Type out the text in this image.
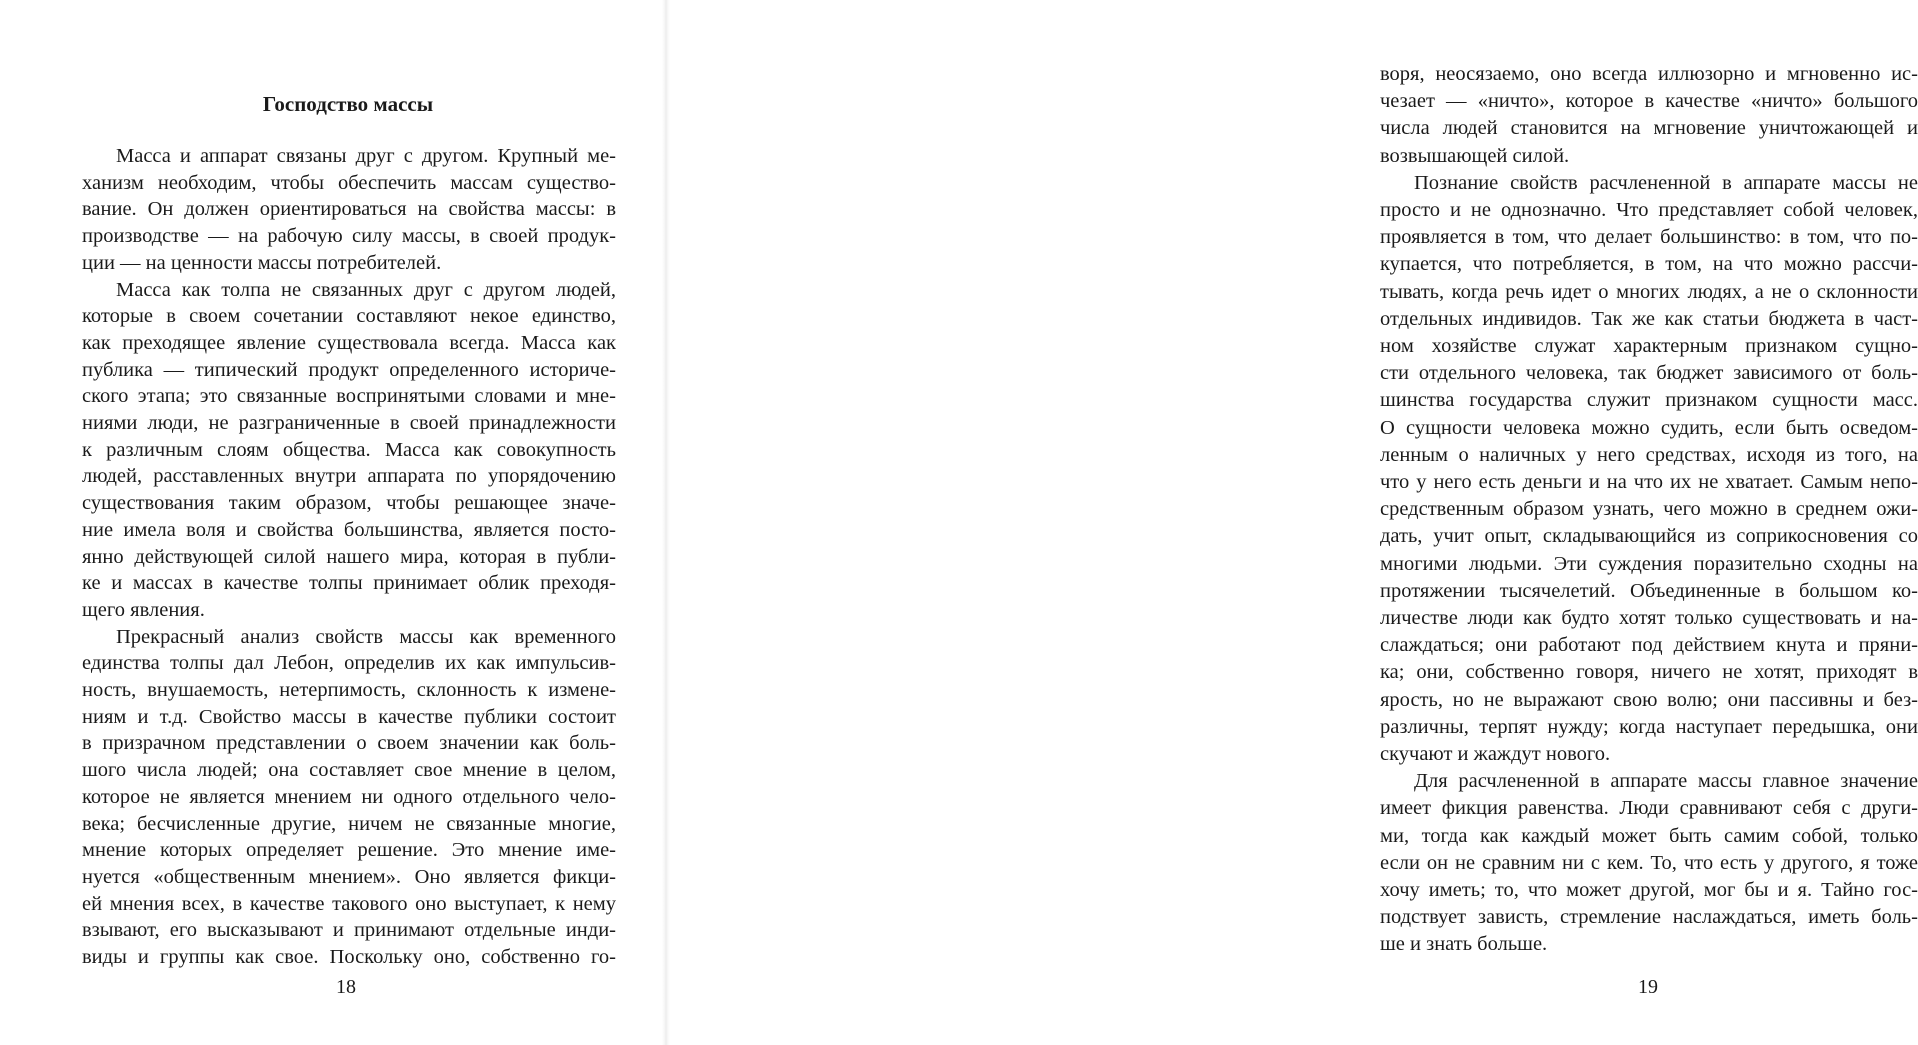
Господство массы
Масса и аппарат связаны друг с другом. Крупный ме-
ханизм необходим, чтобы обеспечить массам существо-
вание. Он должен ориентироваться на свойства массы: в
производстве — на рабочую силу массы, в своей продук-
ции — на ценности массы потребителей.
Масса как толпа не связанных друг с другом людей,
которые в своем сочетании составляют некое единство,
как преходящее явление существовала всегда. Масса как
публика — типический продукт определенного историче-
ского этапа; это связанные воспринятыми словами и мне-
ниями люди, не разграниченные в своей принадлежности
к различным слоям общества. Масса как совокупность
людей, расставленных внутри аппарата по упорядочению
существования таким образом, чтобы решающее значе-
ние имела воля и свойства большинства, является посто-
янно действующей силой нашего мира, которая в публи-
ке и массах в качестве толпы принимает облик преходя-
щего явления.
Прекрасный анализ свойств массы как временного
единства толпы дал Лебон, определив их как импульсив-
ность, внушаемость, нетерпимость, склонность к измене-
ниям и т.д. Свойство массы в качестве публики состоит
в призрачном представлении о своем значении как боль-
шого числа людей; она составляет свое мнение в целом,
которое не является мнением ни одного отдельного чело-
века; бесчисленные другие, ничем не связанные многие,
мнение которых определяет решение. Это мнение име-
нуется «общественным мнением». Оно является фикци-
ей мнения всех, в качестве такового оно выступает, к нему
взывают, его высказывают и принимают отдельные инди-
виды и группы как свое. Поскольку оно, собственно го-
18
воря, неосязаемо, оно всегда иллюзорно и мгновенно ис-
чезает — «ничто», которое в качестве «ничто» большого
числа людей становится на мгновение уничтожающей и
возвышающей силой.
Познание свойств расчлененной в аппарате массы не
просто и не однозначно. Что представляет собой человек,
проявляется в том, что делает большинство: в том, что по-
купается, что потребляется, в том, на что можно рассчи-
тывать, когда речь идет о многих людях, а не о склонности
отдельных индивидов. Так же как статьи бюджета в част-
ном хозяйстве служат характерным признаком сущно-
сти отдельного человека, так бюджет зависимого от боль-
шинства государства служит признаком сущности масс.
О сущности человека можно судить, если быть осведом-
ленным о наличных у него средствах, исходя из того, на
что у него есть деньги и на что их не хватает. Самым непо-
средственным образом узнать, чего можно в среднем ожи-
дать, учит опыт, складывающийся из соприкосновения со
многими людьми. Эти суждения поразительно сходны на
протяжении тысячелетий. Объединенные в большом ко-
личестве люди как будто хотят только существовать и на-
слаждаться; они работают под действием кнута и пряни-
ка; они, собственно говоря, ничего не хотят, приходят в
ярость, но не выражают свою волю; они пассивны и без-
различны, терпят нужду; когда наступает передышка, они
скучают и жаждут нового.
Для расчлененной в аппарате массы главное значение
имеет фикция равенства. Люди сравнивают себя с други-
ми, тогда как каждый может быть самим собой, только
если он не сравним ни с кем. То, что есть у другого, я тоже
хочу иметь; то, что может другой, мог бы и я. Тайно гос-
подствует зависть, стремление наслаждаться, иметь боль-
ше и знать больше.
19
